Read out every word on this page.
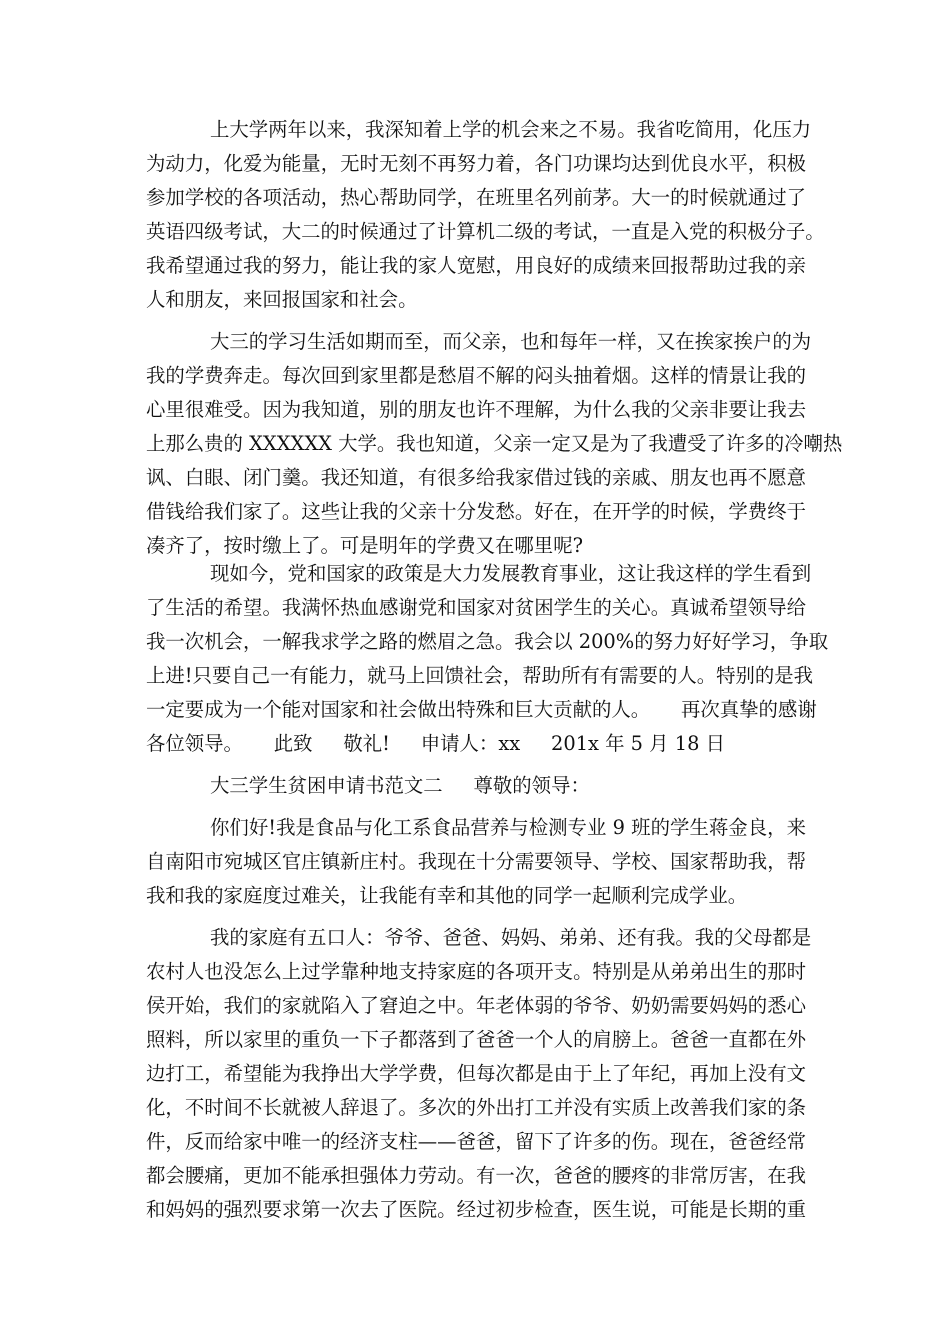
上大学两年以来，我深知着上学的机会来之不易。我省吃简用，化压力
为动力，化爱为能量，无时无刻不再努力着，各门功课均达到优良水平，积极
参加学校的各项活动，热心帮助同学，在班里名列前茅。大一的时候就通过了
英语四级考试，大二的时候通过了计算机二级的考试，一直是入党的积极分子。
我希望通过我的努力，能让我的家人宽慰，用良好的成绩来回报帮助过我的亲
人和朋友，来回报国家和社会。
大三的学习生活如期而至，而父亲，也和每年一样，又在挨家挨户的为
我的学费奔走。每次回到家里都是愁眉不解的闷头抽着烟。这样的情景让我的
心里很难受。因为我知道，别的朋友也许不理解，为什么我的父亲非要让我去
上那么贵的 XXXXXX 大学。我也知道，父亲一定又是为了我遭受了许多的冷嘲热
讽、白眼、闭门羹。我还知道，有很多给我家借过钱的亲戚、朋友也再不愿意
借钱给我们家了。这些让我的父亲十分发愁。好在，在开学的时候，学费终于
凑齐了，按时缴上了。可是明年的学费又在哪里呢?
现如今，党和国家的政策是大力发展教育事业，这让我这样的学生看到
了生活的希望。我满怀热血感谢党和国家对贫困学生的关心。真诚希望领导给
我一次机会，一解我求学之路的燃眉之急。我会以 200%的努力好好学习，争取
上进!只要自己一有能力，就马上回馈社会，帮助所有有需要的人。特别的是我
一定要成为一个能对国家和社会做出特殊和巨大贡献的人。     再次真挚的感谢
各位领导。     此致     敬礼!     申请人：xx     201x 年 5 月 18 日
大三学生贫困申请书范文二     尊敬的领导：
你们好!我是食品与化工系食品营养与检测专业 9 班的学生蒋金良，来
自南阳市宛城区官庄镇新庄村。我现在十分需要领导、学校、国家帮助我，帮
我和我的家庭度过难关，让我能有幸和其他的同学一起顺利完成学业。
我的家庭有五口人：爷爷、爸爸、妈妈、弟弟、还有我。我的父母都是
农村人也没怎么上过学靠种地支持家庭的各项开支。特别是从弟弟出生的那时
侯开始，我们的家就陷入了窘迫之中。年老体弱的爷爷、奶奶需要妈妈的悉心
照料，所以家里的重负一下子都落到了爸爸一个人的肩膀上。爸爸一直都在外
边打工，希望能为我挣出大学学费，但每次都是由于上了年纪，再加上没有文
化，不时间不长就被人辞退了。多次的外出打工并没有实质上改善我们家的条
件，反而给家中唯一的经济支柱——爸爸，留下了许多的伤。现在，爸爸经常
都会腰痛，更加不能承担强体力劳动。有一次，爸爸的腰疼的非常厉害，在我
和妈妈的强烈要求第一次去了医院。经过初步检查，医生说，可能是长期的重
